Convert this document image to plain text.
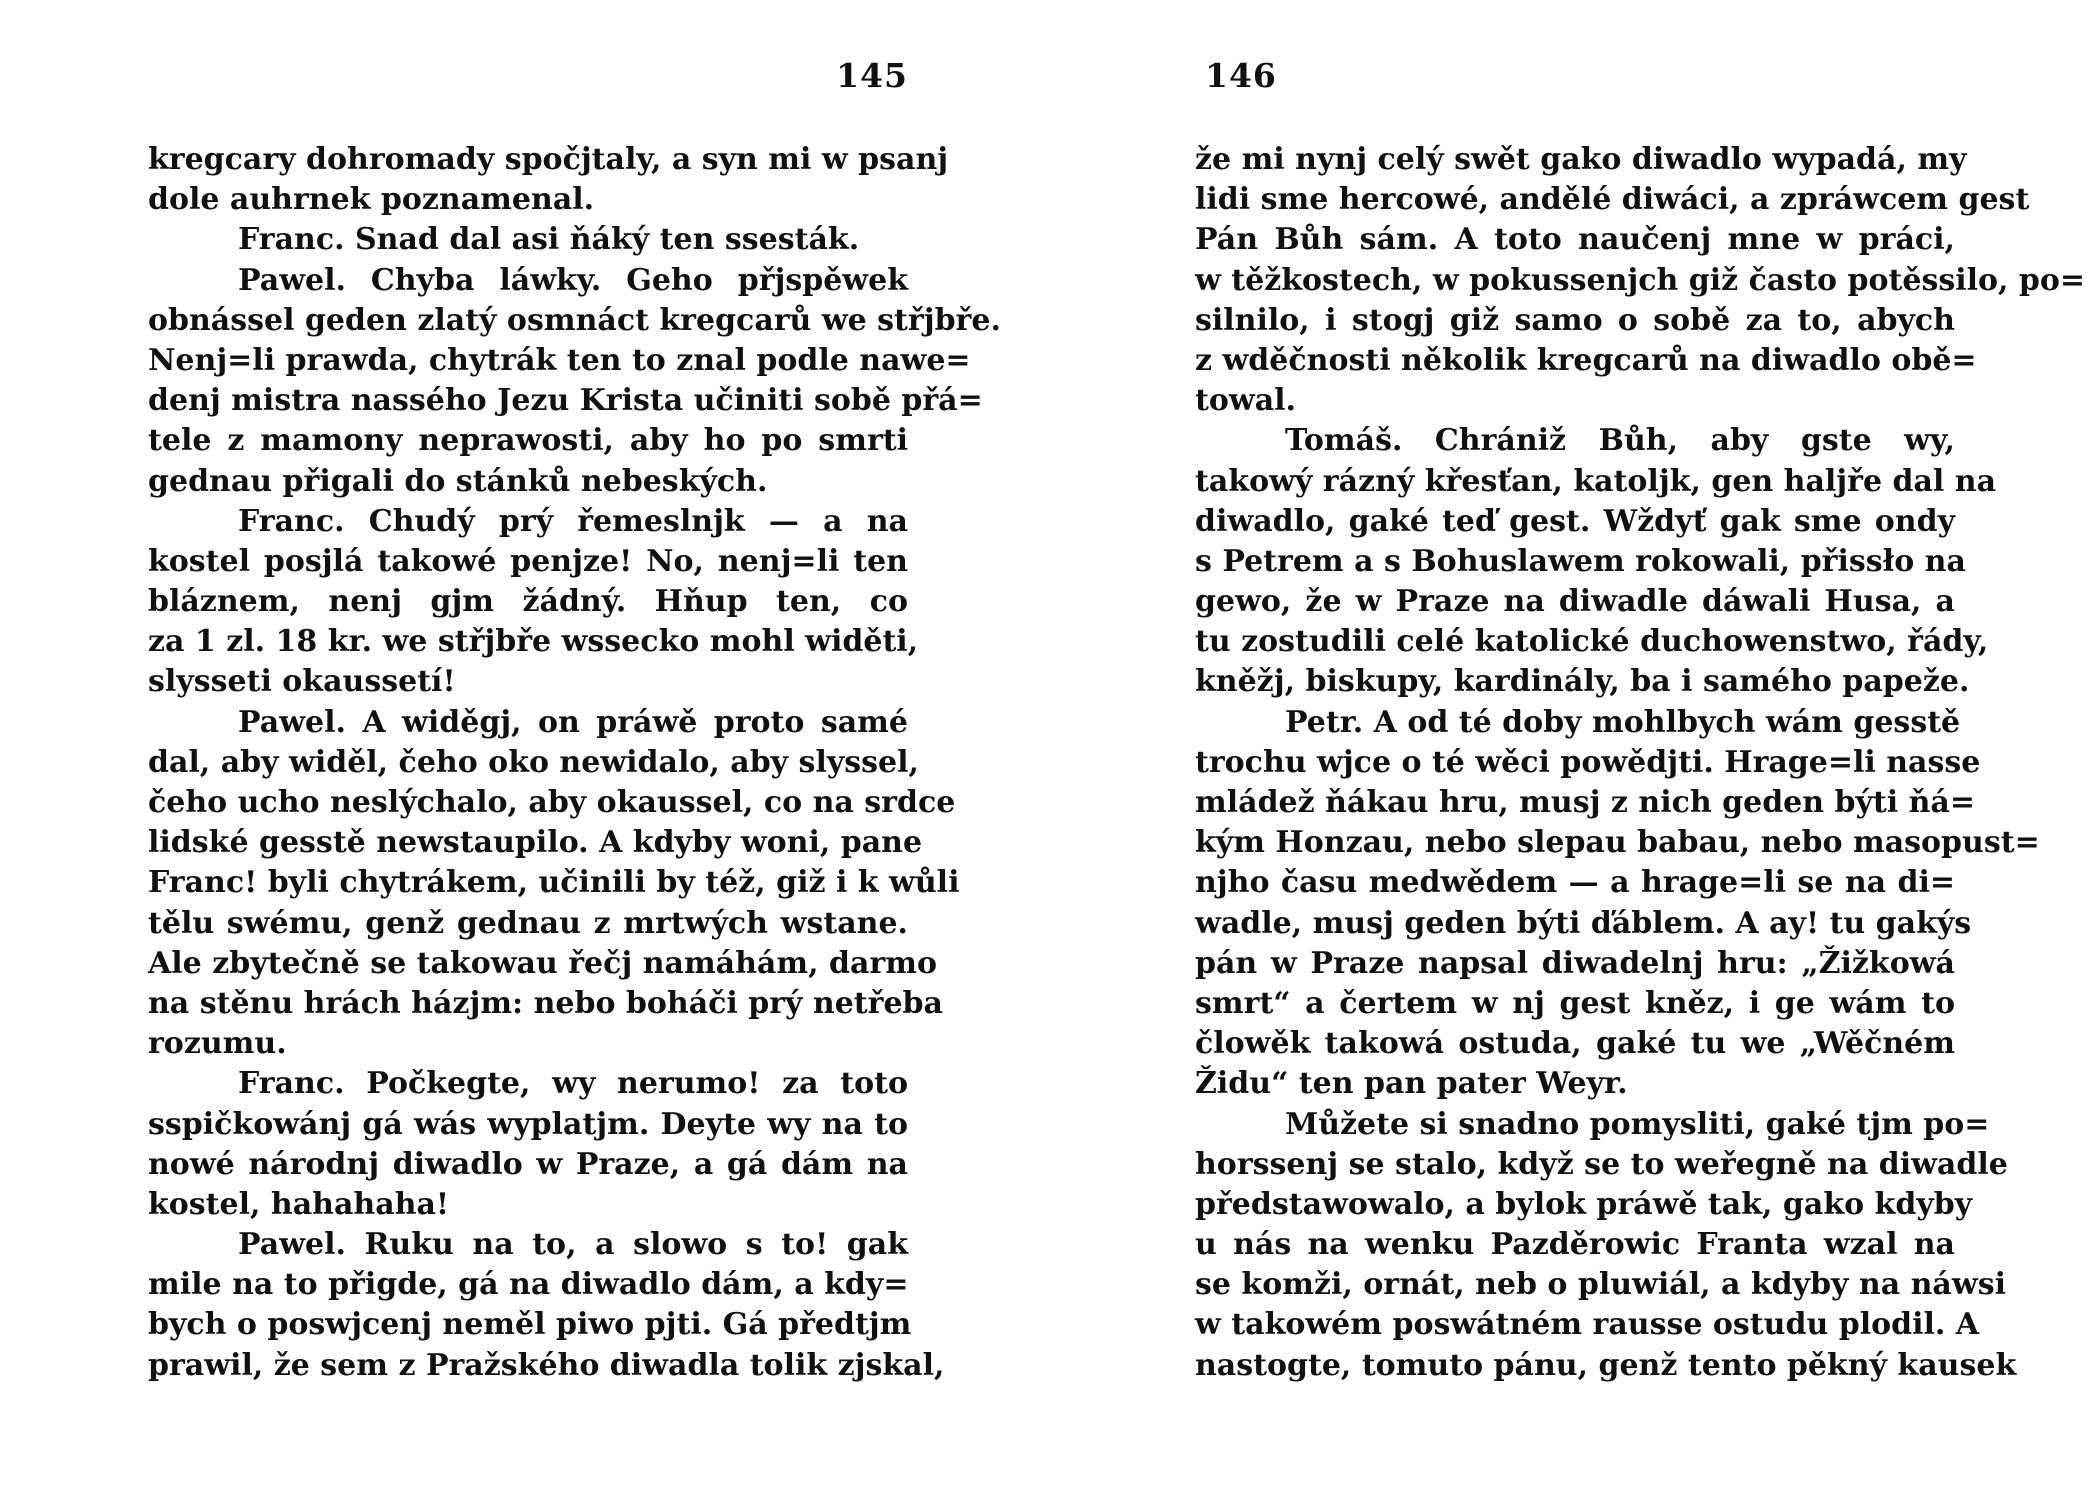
145
kregcary dohromady spočjtaly, a syn mi w psanj
dole auhrnek poznamenal.
Franc. Snad dal asi ňáký ten ssesták.
Pawel. Chyba láwky. Geho přjspěwek
obnássel geden zlatý osmnáct kregcarů we střjbře.
Nenj=li prawda, chytrák ten to znal podle nawe=
denj mistra nassého Jezu Krista učiniti sobě přá=
tele z mamony neprawosti, aby ho po smrti
gednau přigali do stánků nebeských.
Franc. Chudý prý řemeslnjk — a na
kostel posjlá takowé penjze! No, nenj=li ten
bláznem, nenj gjm žádný. Hňup ten, co
za 1 zl. 18 kr. we střjbře wssecko mohl widěti,
slysseti okaussetí!
Pawel. A widěgj, on práwě proto samé
dal, aby widěl, čeho oko newidalo, aby slyssel,
čeho ucho neslýchalo, aby okaussel, co na srdce
lidské gesstě newstaupilo. A kdyby woni, pane
Franc! byli chytrákem, učinili by též, giž i k wůli
tělu swému, genž gednau z mrtwých wstane.
Ale zbytečně se takowau řečj namáhám, darmo
na stěnu hrách házjm: nebo boháči prý netřeba
rozumu.
Franc. Počkegte, wy nerumo! za toto
sspičkowánj gá wás wyplatjm. Deyte wy na to
nowé národnj diwadlo w Praze, a gá dám na
kostel, hahahaha!
Pawel. Ruku na to, a slowo s to! gak
mile na to přigde, gá na diwadlo dám, a kdy=
bych o poswjcenj neměl piwo pjti. Gá předtjm
prawil, že sem z Pražského diwadla tolik zjskal,
146
že mi nynj celý swět gako diwadlo wypadá, my
lidi sme hercowé, andělé diwáci, a zpráwcem gest
Pán Bůh sám. A toto naučenj mne w práci,
w těžkostech, w pokussenjch giž často potěssilo, po=
silnilo, i stogj giž samo o sobě za to, abych
z wděčnosti několik kregcarů na diwadlo obě=
towal.
Tomáš. Chrániž Bůh, aby gste wy,
takowý rázný křesťan, katoljk, gen haljře dal na
diwadlo, gaké teď gest. Wždyť gak sme ondy
s Petrem a s Bohuslawem rokowali, přissło na
gewo, že w Praze na diwadle dáwali Husa, a
tu zostudili celé katolické duchowenstwo, řády,
kněžj, biskupy, kardinály, ba i samého papeže.
Petr. A od té doby mohlbych wám gesstě
trochu wjce o té wěci powědjti. Hrage=li nasse
mládež ňákau hru, musj z nich geden býti ňá=
kým Honzau, nebo slepau babau, nebo masopust=
njho času medwědem — a hrage=li se na di=
wadle, musj geden býti ďáblem. A ay! tu gakýs
pán w Praze napsal diwadelnj hru: „Žižkowá
smrt“ a čertem w nj gest kněz, i ge wám to
člowěk takowá ostuda, gaké tu we „Wěčném
Židu“ ten pan pater Weyr.
Můžete si snadno pomysliti, gaké tjm po=
horssenj se stalo, když se to weřegně na diwadle
předstawowalo, a bylok práwě tak, gako kdyby
u nás na wenku Pazděrowic Franta wzal na
se komži, ornát, neb o pluwiál, a kdyby na náwsi
w takowém poswátném rausse ostudu plodil. A
nastogte, tomuto pánu, genž tento pěkný kausek
